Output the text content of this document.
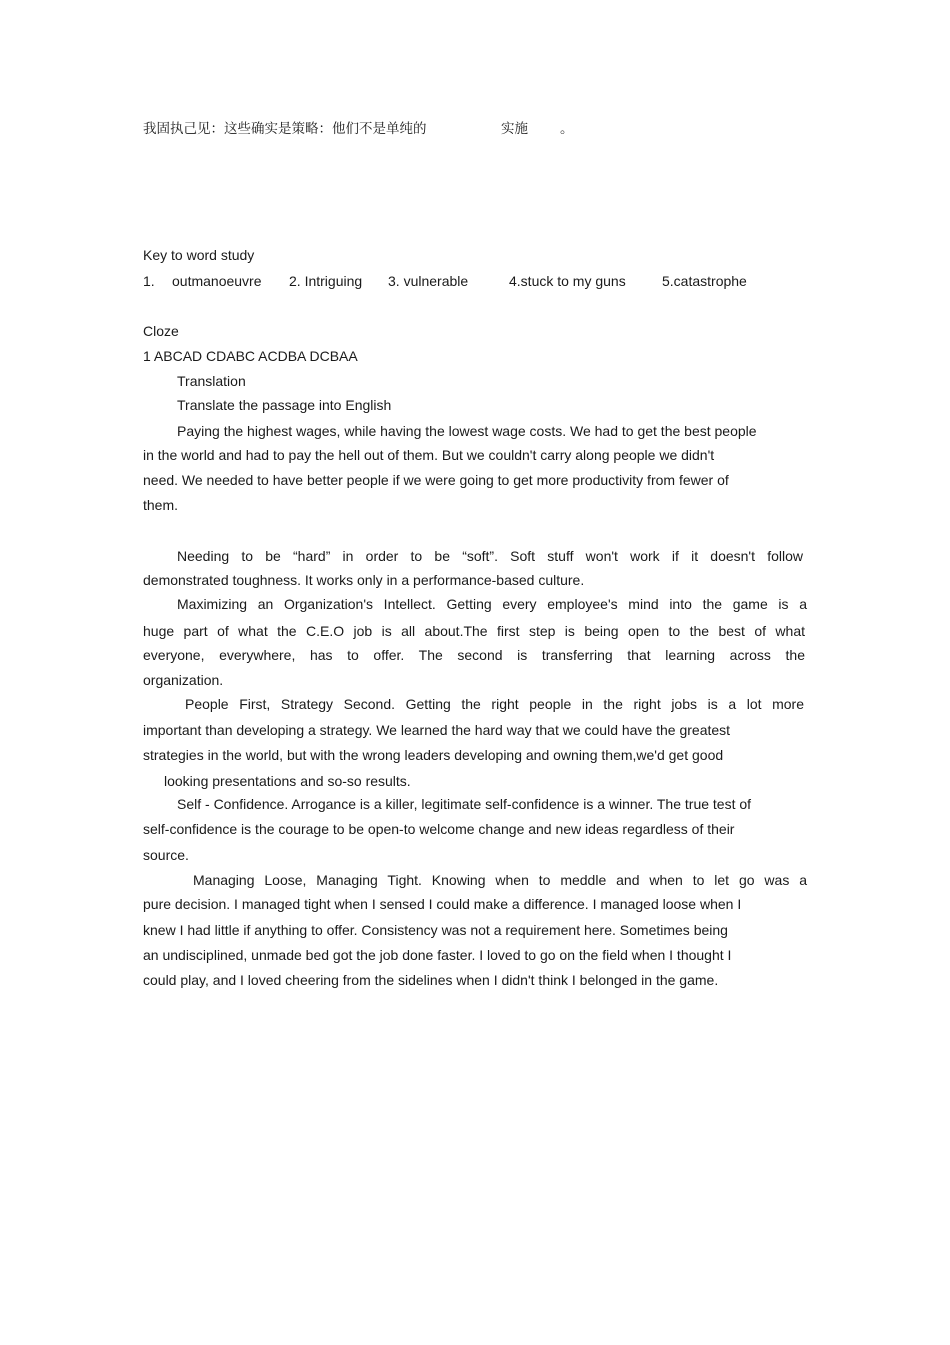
我固执己见：这些确实是策略：他们不是单纯的	实施 。
Key to word study
1. outmanoeuvre 2. Intriguing 3. vulnerable	4.stuck to my guns	5.catastrophe
Cloze
1 ABCAD CDABC ACDBA DCBAA
Translation
Translate the passage into English
Paying the highest wages, while having the lowest wage costs. We had to get the best people
in the world and had to pay the hell out of them. But we couldn't carry along people we didn't
need. We needed to have better people if we were going to get more productivity from fewer of
them.
Needing to be “hard” in order to be “soft”. Soft stuff won't work if it doesn't follow
demonstrated toughness. It works only in a performance-based culture.
Maximizing an Organization's Intellect. Getting every employee's mind into the game is a
huge part of what the C.E.O job is all about.The first step is being open to the best of what
everyone, everywhere, has to offer. The second is transferring that learning across the
organization.
People First, Strategy Second. Getting the right people in the right jobs is a lot more
important than developing a strategy. We learned the hard way that we could have the greatest
strategies in the world, but with the wrong leaders developing and owning them,we'd get good
looking presentations and so-so results.
Self - Confidence. Arrogance is a killer, legitimate self-confidence is a winner. The true test of
self-confidence is the courage to be open-to welcome change and new ideas regardless of their
source.
Managing Loose, Managing Tight. Knowing when to meddle and when to let go was a
pure decision. I managed tight when I sensed I could make a difference. I managed loose when I
knew I had little if anything to offer. Consistency was not a requirement here. Sometimes being
an undisciplined, unmade bed got the job done faster. I loved to go on the field when I thought I
could play, and I loved cheering from the sidelines when I didn't think I belonged in the game.
